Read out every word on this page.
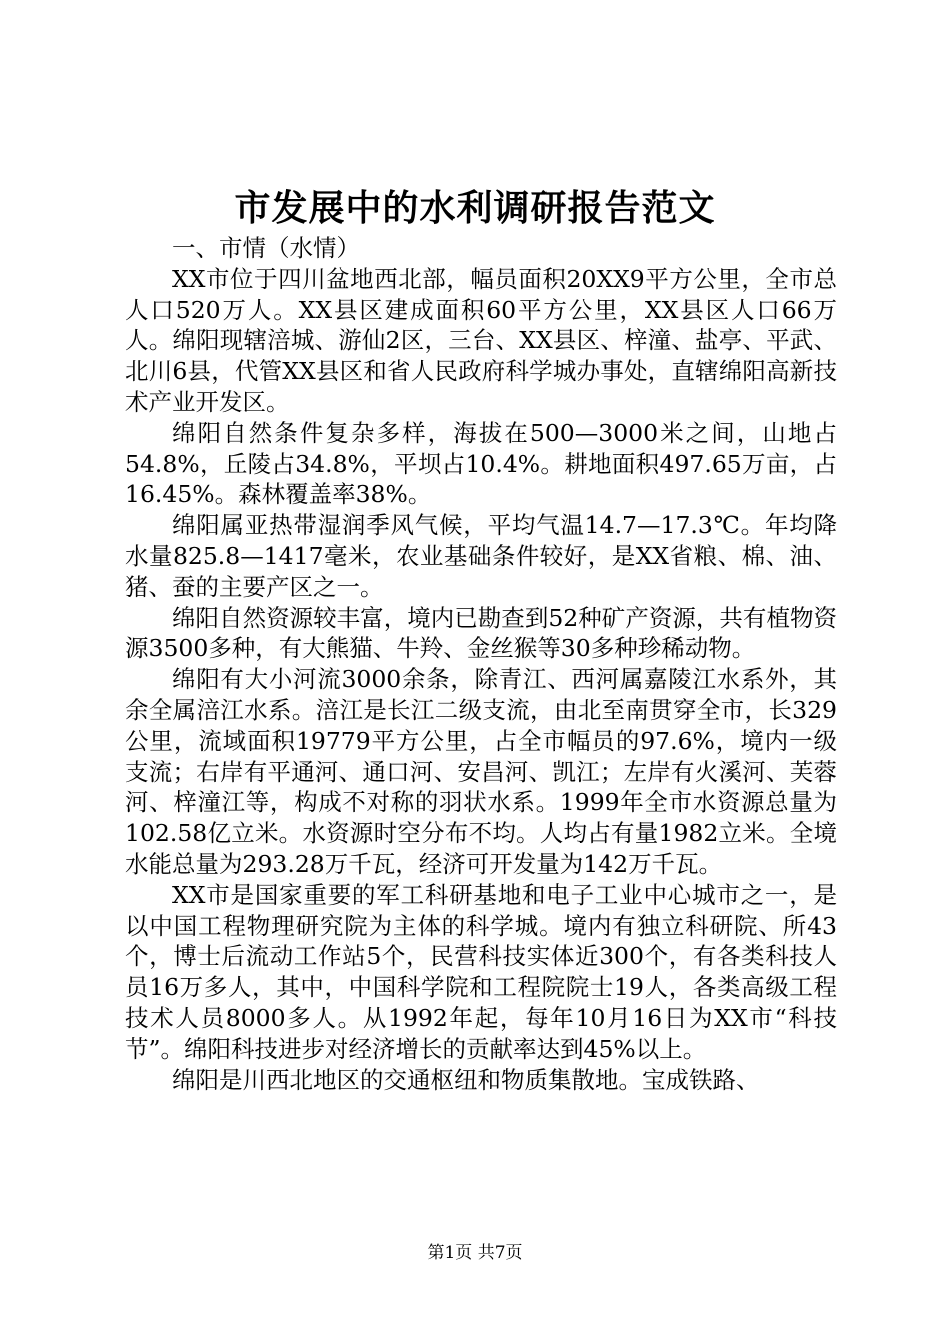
市发展中的水利调研报告范文

一、市情（水情）

XX市位于四川盆地西北部，幅员面积20XX9平方公里，全市总人口520万人。XX县区建成面积60平方公里，XX县区人口66万人。绵阳现辖涪城、游仙2区，三台、XX县区、梓潼、盐亭、平武、北川6县，代管XX县区和省人民政府科学城办事处，直辖绵阳高新技术产业开发区。

绵阳自然条件复杂多样，海拔在500—3000米之间，山地占54.8%，丘陵占34.8%，平坝占10.4%。耕地面积497.65万亩，占16.45%。森林覆盖率38%。

绵阳属亚热带湿润季风气候，平均气温14.7—17.3℃。年均降水量825.8—1417毫米，农业基础条件较好，是XX省粮、棉、油、猪、蚕的主要产区之一。

绵阳自然资源较丰富，境内已勘查到52种矿产资源，共有植物资源3500多种，有大熊猫、牛羚、金丝猴等30多种珍稀动物。

绵阳有大小河流3000余条，除青江、西河属嘉陵江水系外，其余全属涪江水系。涪江是长江二级支流，由北至南贯穿全市，长329公里，流域面积19779平方公里，占全市幅员的97.6%，境内一级支流；右岸有平通河、通口河、安昌河、凯江；左岸有火溪河、芙蓉河、梓潼江等，构成不对称的羽状水系。1999年全市水资源总量为102.58亿立米。水资源时空分布不均。人均占有量1982立米。全境水能总量为293.28万千瓦，经济可开发量为142万千瓦。

XX市是国家重要的军工科研基地和电子工业中心城市之一，是以中国工程物理研究院为主体的科学城。境内有独立科研院、所43个，博士后流动工作站5个，民营科技实体近300个，有各类科技人员16万多人，其中，中国科学院和工程院院士19人，各类高级工程技术人员8000多人。从1992年起，每年10月16日为XX市“科技节”。绵阳科技进步对经济增长的贡献率达到45%以上。

绵阳是川西北地区的交通枢纽和物质集散地。宝成铁路、

第1页 共7页
